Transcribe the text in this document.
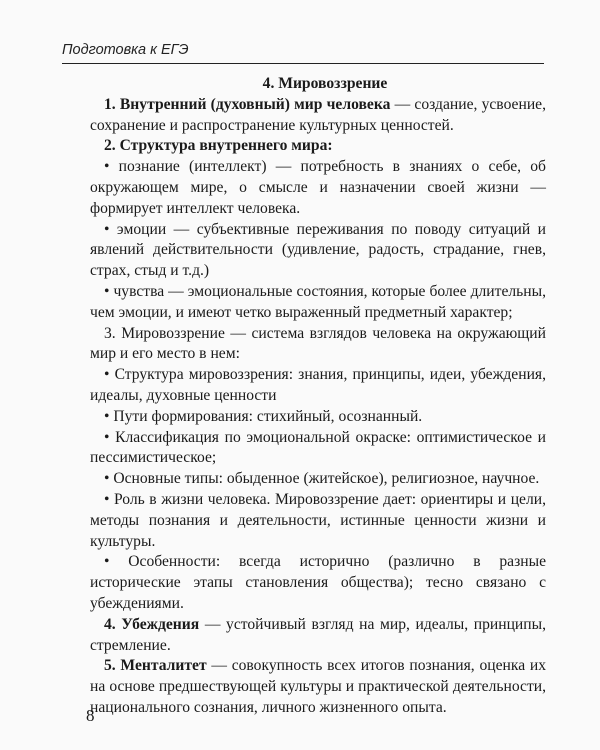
Подготовка к ЕГЭ

4. Мировоззрение

1. Внутренний (духовный) мир человека — создание, усвоение, сохранение и распространение культурных ценностей.

2. Структура внутреннего мира:

• познание (интеллект) — потребность в знаниях о себе, об окружающем мире, о смысле и назначении своей жизни — формирует интеллект человека.

• эмоции — субъективные переживания по поводу ситуаций и явлений действительности (удивление, радость, страдание, гнев, страх, стыд и т.д.)

• чувства — эмоциональные состояния, которые более длительны, чем эмоции, и имеют четко выраженный предметный характер;

3. Мировоззрение — система взглядов человека на окружающий мир и его место в нем:

• Структура мировоззрения: знания, принципы, идеи, убеждения, идеалы, духовные ценности

• Пути формирования: стихийный, осознанный.

• Классификация по эмоциональной окраске: оптимистическое и пессимистическое;

• Основные типы: обыденное (житейское), религиозное, научное.

• Роль в жизни человека. Мировоззрение дает: ориентиры и цели, методы познания и деятельности, истинные ценности жизни и культуры.

• Особенности: всегда исторично (различно в разные исторические этапы становления общества); тесно связано с убеждениями.

4. Убеждения — устойчивый взгляд на мир, идеалы, принципы, стремление.

5. Менталитет — совокупность всех итогов познания, оценка их на основе предшествующей культуры и практической деятельности, национального сознания, личного жизненного опыта.

8
